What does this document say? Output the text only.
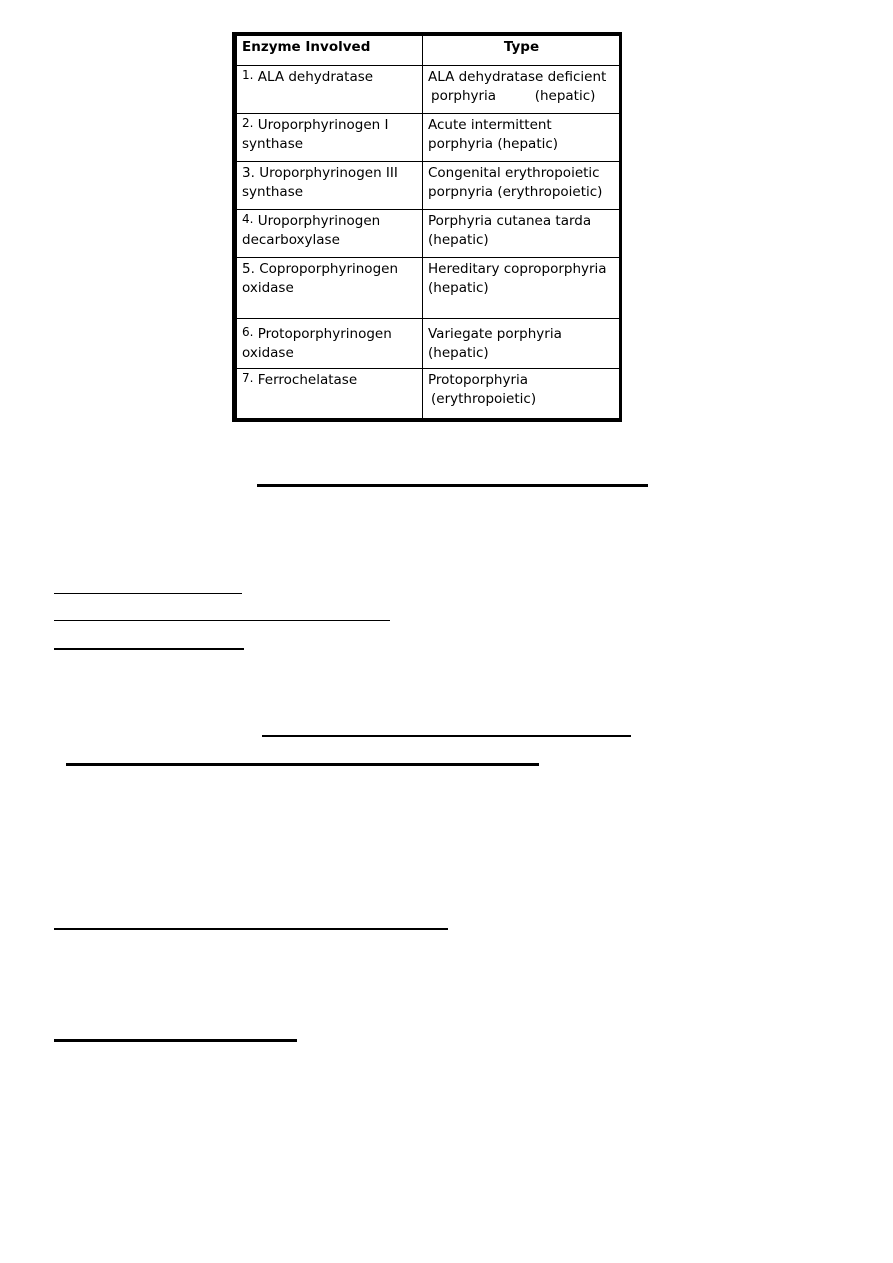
Enzyme Involved	Type
1. ALA dehydratase	ALA dehydratase deficient
porphyria         (hepatic)

2. Uroporphyrinogen I
synthase	Acute intermittent
porphyria (hepatic)

3. Uroporphyrinogen III
synthase	Congenital erythropoietic
porpnyria (erythropoietic)

4. Uroporphyrinogen
decarboxylase	Porphyria cutanea tarda
(hepatic)

5. Coproporphyrinogen
oxidase	Hereditary coproporphyria
(hepatic)

6. Protoporphyrinogen
oxidase	Variegate porphyria
(hepatic)

7. Ferrochelatase	Protoporphyria
(erythropoietic)
